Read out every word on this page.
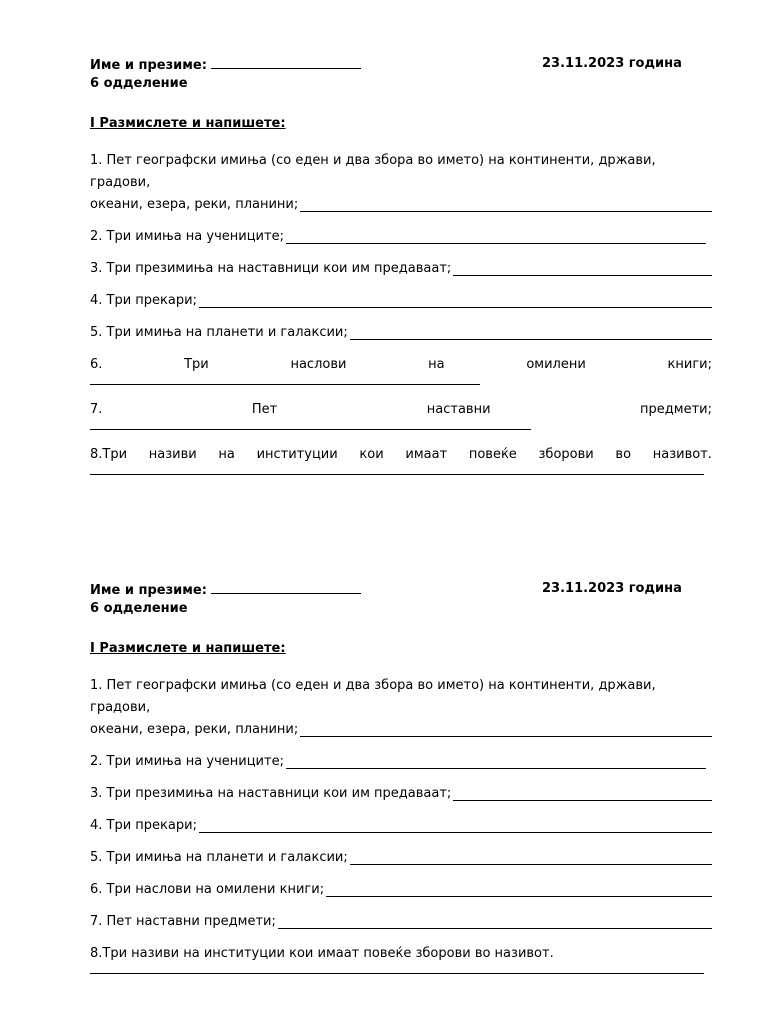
Име и презиме:	23.11.2023 година
6 одделение
I Размислете и напишете:
1. Пет географски имиња (со еден и два збора во името) на континенти, држави, градови,
океани, езера, реки, планини;
2. Три имиња на учениците;
3. Три презимиња на наставници кои им предаваат;
4. Три прекари;
5. Три имиња на планети и галаксии;
6.	Три	наслови	на	омилени	книги;
7.	Пет	наставни	предмети;
8.Три називи на институции кои имаат повеќе зборови во називот.
Име и презиме:	23.11.2023 година
6 одделение
I Размислете и напишете:
1. Пет географски имиња (со еден и два збора во името) на континенти, држави, градови,
океани, езера, реки, планини;
2. Три имиња на учениците;
3. Три презимиња на наставници кои им предаваат;
4. Три прекари;
5. Три имиња на планети и галаксии;
6. Три наслови на омилени книги;
7. Пет наставни предмети;
8.Три називи на институции кои имаат повеќе зборови во називот.
